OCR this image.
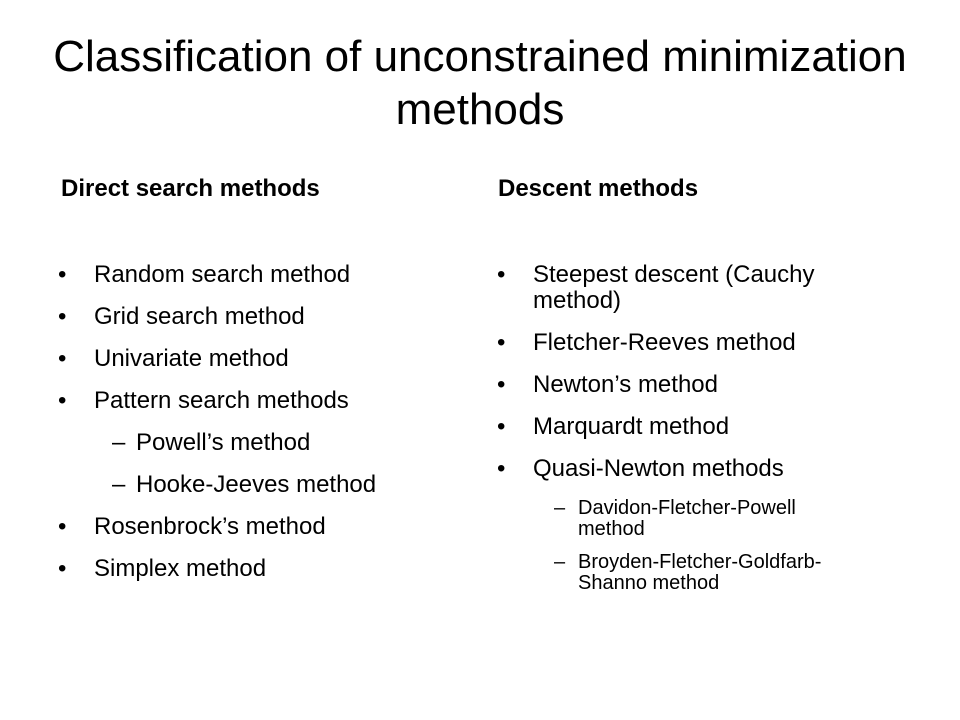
Classification of unconstrained minimization methods
Direct search methods	Descent methods
•	Random search method
•	Grid search method
•	Univariate method
•	Pattern search methods
– Powell’s method
– Hooke-Jeeves method
•	Rosenbrock’s method
•	Simplex method
•	Steepest descent (Cauchy method)
•	Fletcher-Reeves method
•	Newton’s method
•	Marquardt method
•	Quasi-Newton methods
– Davidon-Fletcher-Powell method
– Broyden-Fletcher-Goldfarb-Shanno method
